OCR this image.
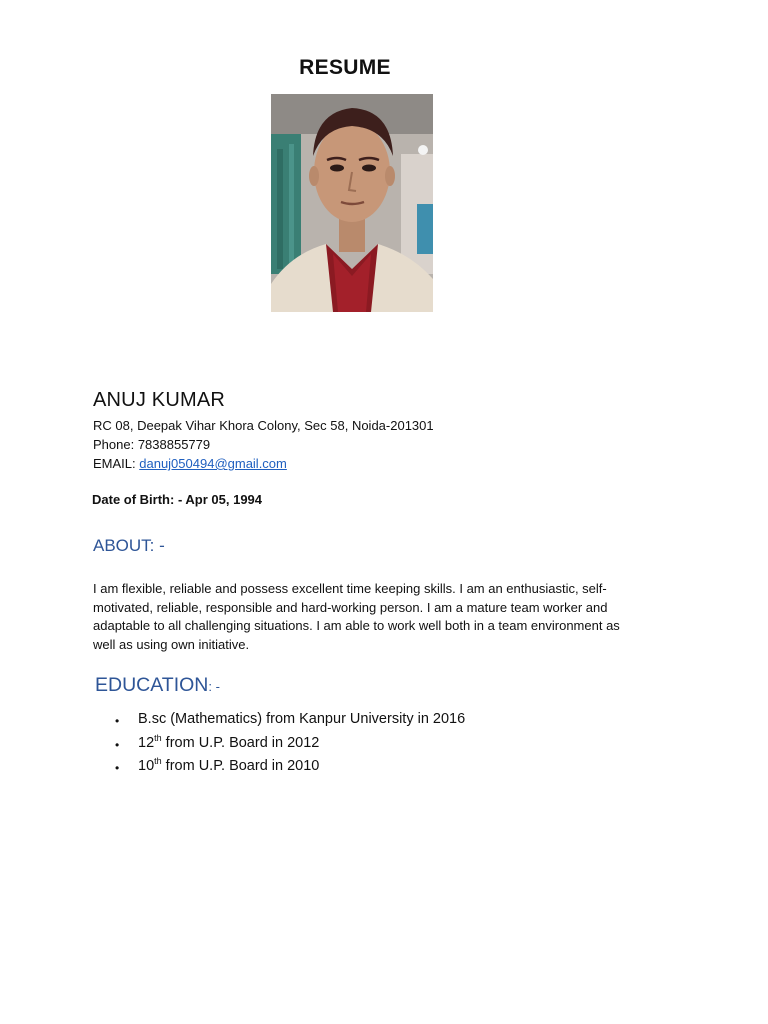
RESUME
ANUJ KUMAR
RC 08, Deepak Vihar Khora Colony, Sec 58, Noida-201301
Phone: 7838855779
EMAIL: danuj050494@gmail.com
Date of Birth: - Apr 05, 1994
ABOUT: -
I am flexible, reliable and possess excellent time keeping skills. I am an enthusiastic, self-
motivated, reliable, responsible and hard-working person. I am a mature team worker and
adaptable to all challenging situations. I am able to work well both in a team environment as
well as using own initiative.
EDUCATION: -
• B.sc (Mathematics) from Kanpur University in 2016
• 12th from U.P. Board in 2012
• 10th from U.P. Board in 2010
